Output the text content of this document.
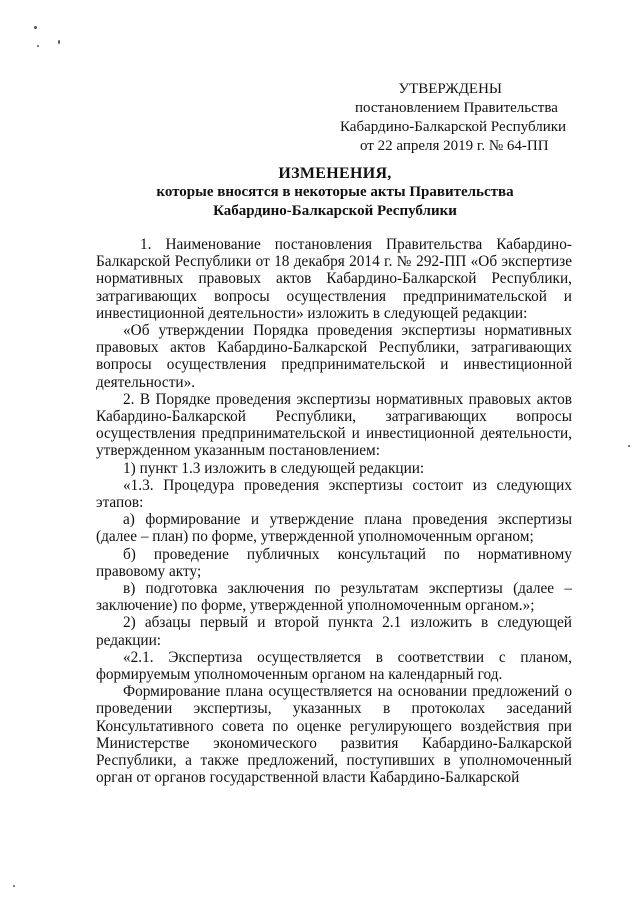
УТВЕРЖДЕНЫ
постановлением Правительства
Кабардино-Балкарской Республики
от 22 апреля 2019 г. № 64-ПП
ИЗМЕНЕНИЯ,
которые вносятся в некоторые акты Правительства
Кабардино-Балкарской Республики

1. Наименование постановления Правительства Кабардино-Балкарской Республики от 18 декабря 2014 г. № 292-ПП «Об экспертизе нормативных правовых актов Кабардино-Балкарской Республики, затрагивающих вопросы осуществления предпринимательской и инвестиционной деятельности» изложить в следующей редакции:

«Об утверждении Порядка проведения экспертизы нормативных правовых актов Кабардино-Балкарской Республики, затрагивающих вопросы осуществления предпринимательской и инвестиционной деятельности».

2. В Порядке проведения экспертизы нормативных правовых актов Кабардино-Балкарской Республики, затрагивающих вопросы осуществления предпринимательской и инвестиционной деятельности, утвержденном указанным постановлением:

1) пункт 1.3 изложить в следующей редакции:

«1.3. Процедура проведения экспертизы состоит из следующих этапов:

а) формирование и утверждение плана проведения экспертизы (далее – план) по форме, утвержденной уполномоченным органом;

б) проведение публичных консультаций по нормативному правовому акту;

в) подготовка заключения по результатам экспертизы (далее – заключение) по форме, утвержденной уполномоченным органом.»;

2) абзацы первый и второй пункта 2.1 изложить в следующей редакции:

«2.1. Экспертиза осуществляется в соответствии с планом, формируемым уполномоченным органом на календарный год.

Формирование плана осуществляется на основании предложений о проведении экспертизы, указанных в протоколах заседаний Консультативного совета по оценке регулирующего воздействия при Министерстве экономического развития Кабардино-Балкарской Республики, а также предложений, поступивших в уполномоченный орган от органов государственной власти Кабардино-Балкарской
